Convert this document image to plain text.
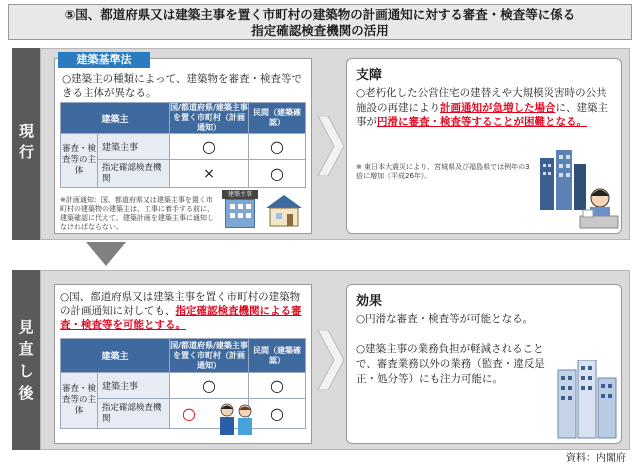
⑤国、都道府県又は建築主事を置く市町村の建築物の計画通知に対する審査・検査等に係る
指定確認検査機関の活用
現行
建築基準法
○建築主の種類によって、建築物を審査・検査等できる主体が異なる。
建築主		国/都道府県/建築主事を置く市町村（計画通知）	民間（建築確認）
審査・検査等の主体	建築主事	○	○
	指定確認検査機関	×	○
※計画通知：国、都道府県又は建築主事を置く市町村の建築物の建築主は、工事に着手する前に、建築確認に代えて、建築計画を建築主事に通知しなければならない。
建築主事
支障
○老朽化した公営住宅の建替えや大規模災害時の公共施設の再建により計画通知が急増した場合に、建築主事が円滑に審査・検査等することが困難となる。
※ 東日本大震災により、宮城県及び福島県では例年の3倍に増加（平成26年）。
見
直
し
後
○国、都道府県又は建築主事を置く市町村の建築物の計画通知に対しても、指定確認検査機関による審査・検査等を可能とする。
建築主		国/都道府県/建築主事を置く市町村（計画通知）	民間（建築確認）
審査・検査等の主体	建築主事	○	○
	指定確認検査機関	○	○
効果
○円滑な審査・検査等が可能となる。
○建築主事の業務負担が軽減されることで、審査業務以外の業務（監査・違反是正・処分等）にも注力可能に。
資料：内閣府
